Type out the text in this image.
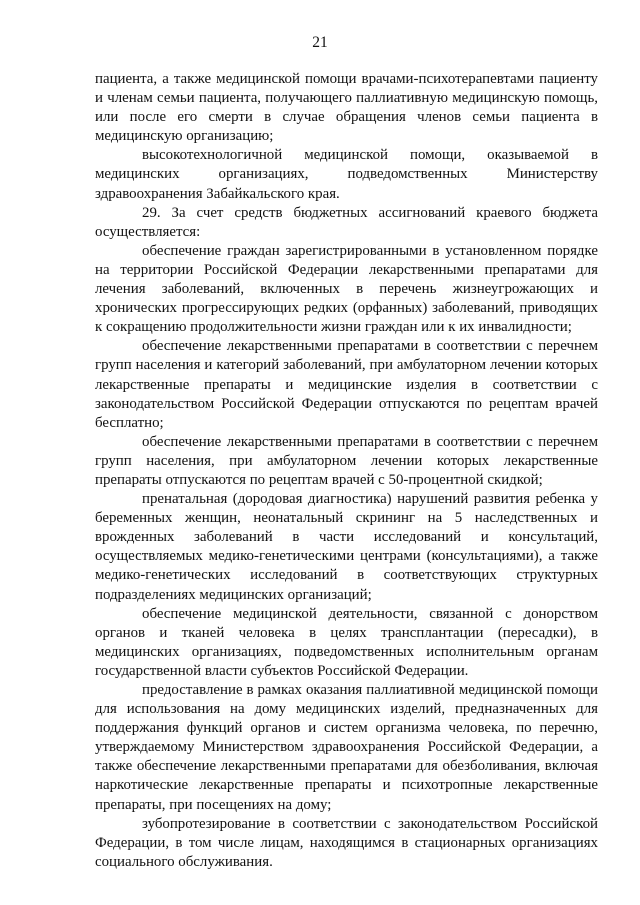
21

пациента, а также медицинской помощи врачами-психотерапевтами пациенту и членам семьи пациента, получающего паллиативную медицинскую помощь, или после его смерти в случае обращения членов семьи пациента в медицинскую организацию;

высокотехнологичной медицинской помощи, оказываемой в медицинских организациях, подведомственных Министерству здравоохранения Забайкальского края.

29. За счет средств бюджетных ассигнований краевого бюджета осуществляется:

обеспечение граждан зарегистрированными в установленном порядке на территории Российской Федерации лекарственными препаратами для лечения заболеваний, включенных в перечень жизнеугрожающих и хронических прогрессирующих редких (орфанных) заболеваний, приводящих к сокращению продолжительности жизни граждан или к их инвалидности;

обеспечение лекарственными препаратами в соответствии с перечнем групп населения и категорий заболеваний, при амбулаторном лечении которых лекарственные препараты и медицинские изделия в соответствии с законодательством Российской Федерации отпускаются по рецептам врачей бесплатно;

обеспечение лекарственными препаратами в соответствии с перечнем групп населения, при амбулаторном лечении которых лекарственные препараты отпускаются по рецептам врачей с 50-процентной скидкой;

пренатальная (дородовая диагностика) нарушений развития ребенка у беременных женщин, неонатальный скрининг на 5 наследственных и врожденных заболеваний в части исследований и консультаций, осуществляемых медико-генетическими центрами (консультациями), а также медико-генетических исследований в соответствующих структурных подразделениях медицинских организаций;

обеспечение медицинской деятельности, связанной с донорством органов и тканей человека в целях трансплантации (пересадки), в медицинских организациях, подведомственных исполнительным органам государственной власти субъектов Российской Федерации.

предоставление в рамках оказания паллиативной медицинской помощи для использования на дому медицинских изделий, предназначенных для поддержания функций органов и систем организма человека, по перечню, утверждаемому Министерством здравоохранения Российской Федерации, а также обеспечение лекарственными препаратами для обезболивания, включая наркотические лекарственные препараты и психотропные лекарственные препараты, при посещениях на дому;

зубопротезирование в соответствии с законодательством Российской Федерации, в том числе лицам, находящимся в стационарных организациях социального обслуживания.
